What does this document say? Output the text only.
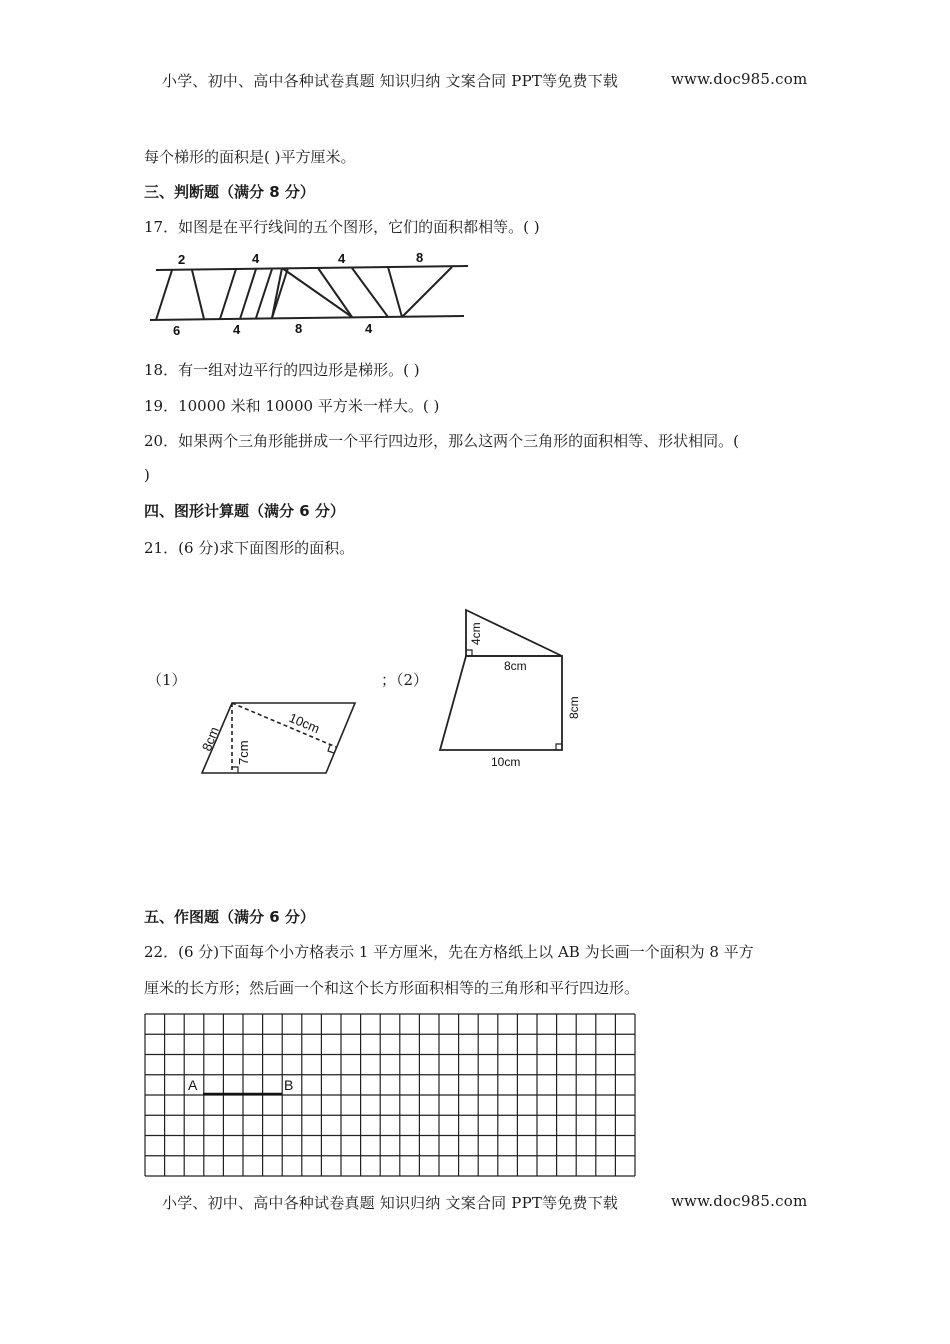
小学、初中、高中各种试卷真题 知识归纳 文案合同 PPT等免费下载	www.doc985.com
每个梯形的面积是( )平方厘米。
三、判断题（满分 8 分）
17．如图是在平行线间的五个图形，它们的面积都相等。( )
2	4	4	8
6	4	8	4
18．有一组对边平行的四边形是梯形。( )
19．10000 米和 10000 平方米一样大。( )
20．如果两个三角形能拼成一个平行四边形，那么这两个三角形的面积相等、形状相同。(
)
四、图形计算题（满分 6 分）
21．(6 分)求下面图形的面积。
（1）	；（2）
8cm
10cm
7cm
4cm
8cm
8cm
10cm
五、作图题（满分 6 分）
22．(6 分)下面每个小方格表示 1 平方厘米，先在方格纸上以 AB 为长画一个面积为 8 平方
厘米的长方形；然后画一个和这个长方形面积相等的三角形和平行四边形。
A	B
小学、初中、高中各种试卷真题 知识归纳 文案合同 PPT等免费下载	www.doc985.com
